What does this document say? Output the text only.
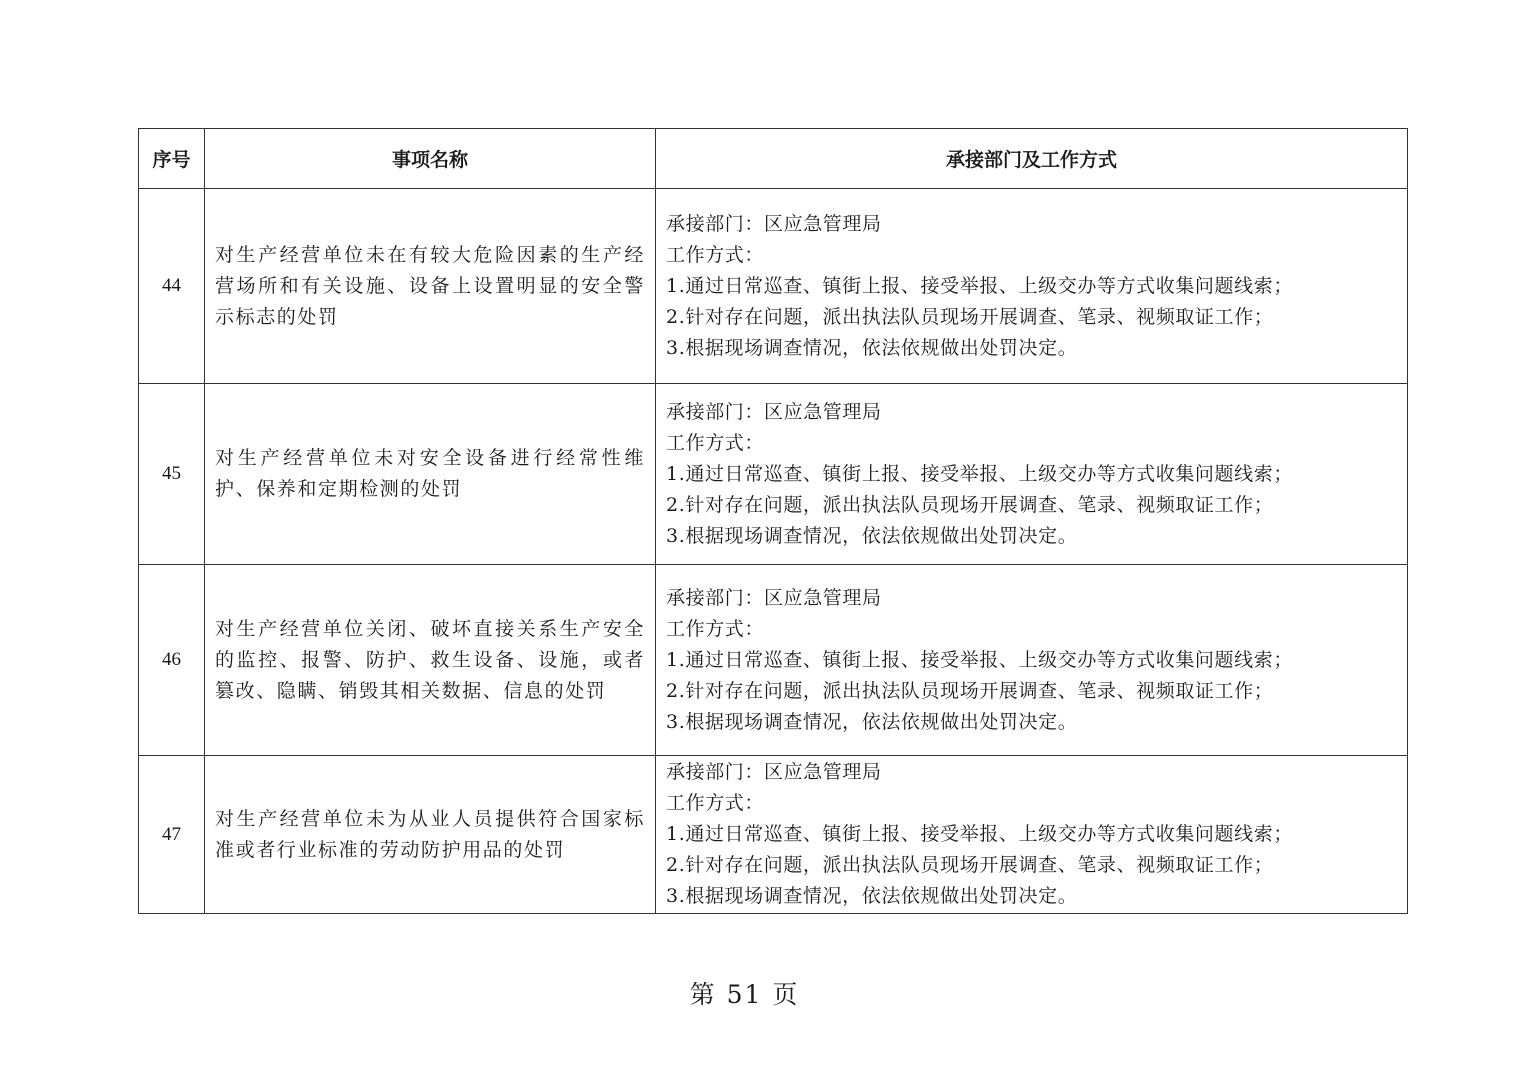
序号	事项名称	承接部门及工作方式
44	对生产经营单位未在有较大危险因素的生产经营场所和有关设施、设备上设置明显的安全警示标志的处罚	承接部门：区应急管理局
工作方式：
1.通过日常巡查、镇街上报、接受举报、上级交办等方式收集问题线索；
2.针对存在问题，派出执法队员现场开展调查、笔录、视频取证工作；
3.根据现场调查情况，依法依规做出处罚决定。

45	对生产经营单位未对安全设备进行经常性维护、保养和定期检测的处罚	承接部门：区应急管理局
工作方式：
1.通过日常巡查、镇街上报、接受举报、上级交办等方式收集问题线索；
2.针对存在问题，派出执法队员现场开展调查、笔录、视频取证工作；
3.根据现场调查情况，依法依规做出处罚决定。

46	对生产经营单位关闭、破坏直接关系生产安全的监控、报警、防护、救生设备、设施，或者篡改、隐瞒、销毁其相关数据、信息的处罚	承接部门：区应急管理局
工作方式：
1.通过日常巡查、镇街上报、接受举报、上级交办等方式收集问题线索；
2.针对存在问题，派出执法队员现场开展调查、笔录、视频取证工作；
3.根据现场调查情况，依法依规做出处罚决定。

47	对生产经营单位未为从业人员提供符合国家标准或者行业标准的劳动防护用品的处罚	承接部门：区应急管理局
工作方式：
1.通过日常巡查、镇街上报、接受举报、上级交办等方式收集问题线索；
2.针对存在问题，派出执法队员现场开展调查、笔录、视频取证工作；
3.根据现场调查情况，依法依规做出处罚决定。
第 51 页
